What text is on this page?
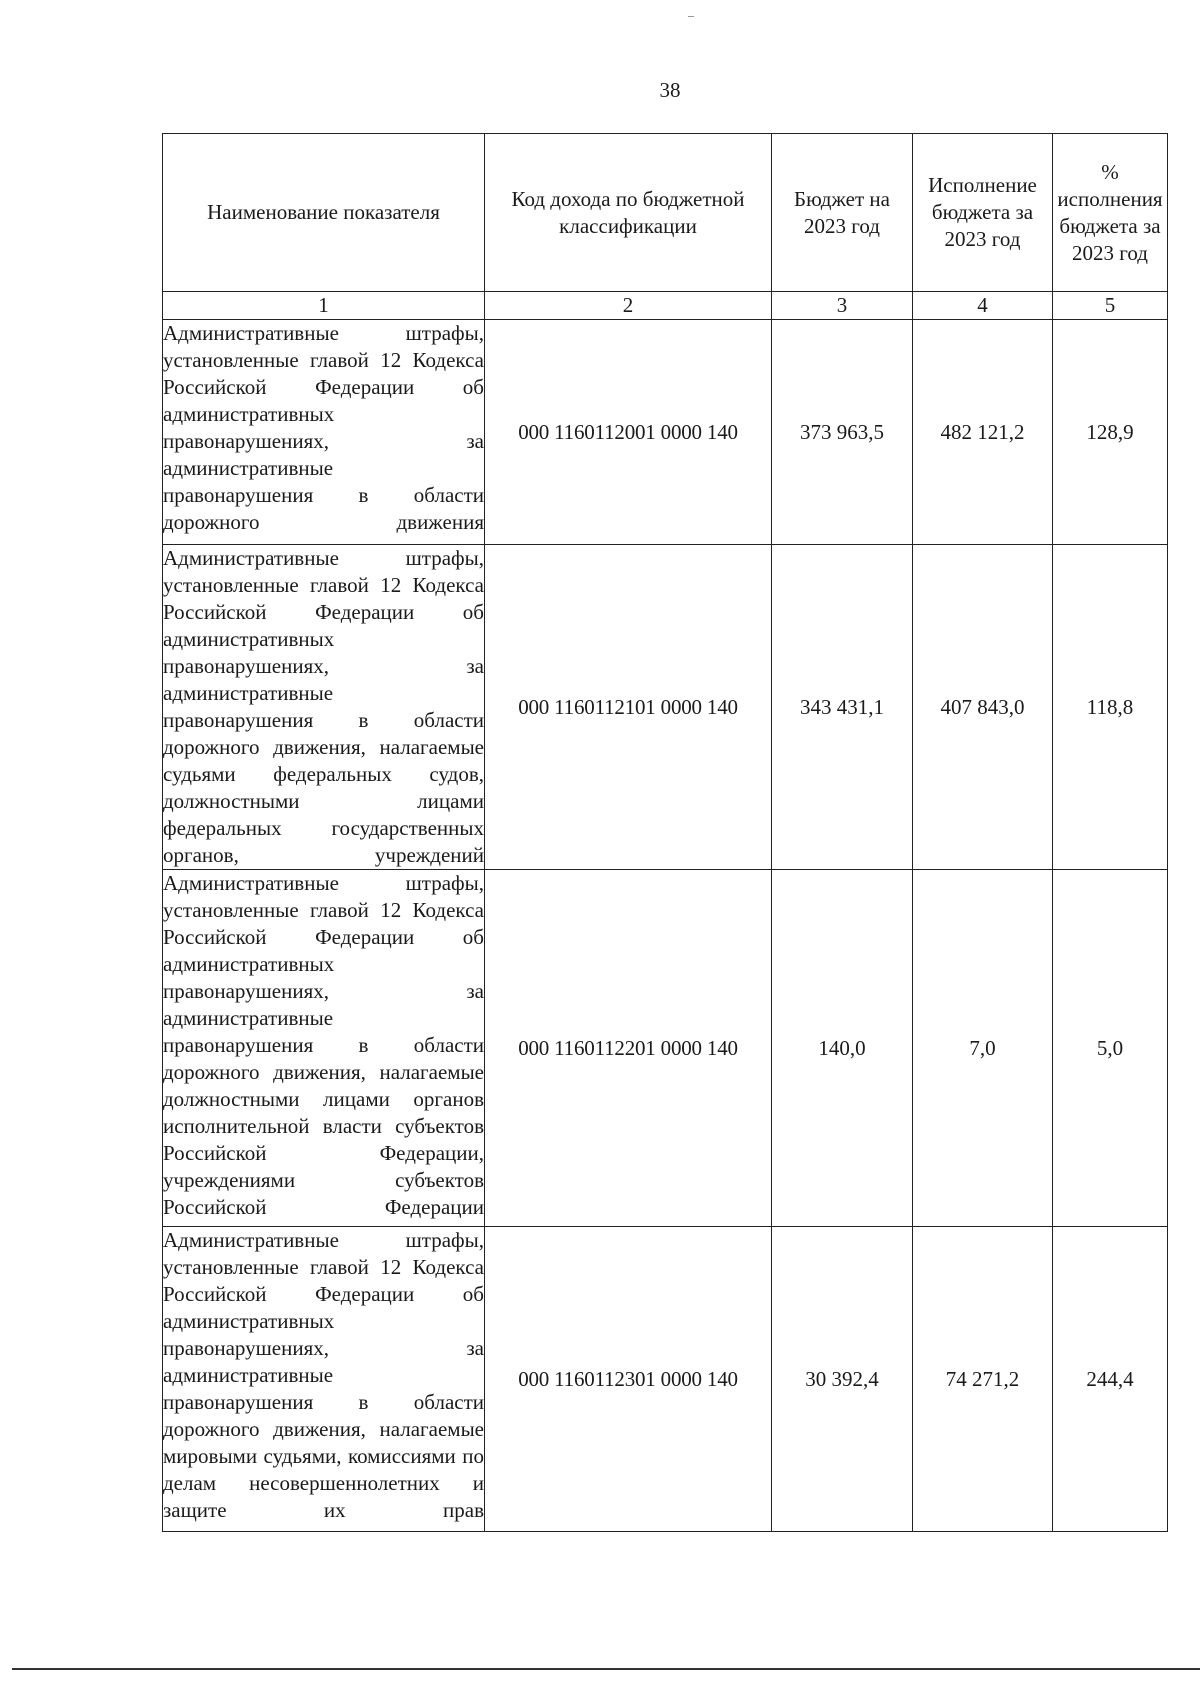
38
Наименование показателя	Код дохода по бюджетной классификации	Бюджет на 2023 год	Исполнение бюджета за 2023 год	% исполнения бюджета за 2023 год
1	2	3	4	5
Административные штрафы, установленные главой 12 Кодекса Российской Федерации об административных правонарушениях, за административные правонарушения в области дорожного движения	000 1160112001 0000 140	373 963,5	482 121,2	128,9
Административные штрафы, установленные главой 12 Кодекса Российской Федерации об административных правонарушениях, за административные правонарушения в области дорожного движения, налагаемые судьями федеральных судов, должностными лицами федеральных государственных органов, учреждений	000 1160112101 0000 140	343 431,1	407 843,0	118,8
Административные штрафы, установленные главой 12 Кодекса Российской Федерации об административных правонарушениях, за административные правонарушения в области дорожного движения, налагаемые должностными лицами органов исполнительной власти субъектов Российской Федерации, учреждениями субъектов Российской Федерации	000 1160112201 0000 140	140,0	7,0	5,0
Административные штрафы, установленные главой 12 Кодекса Российской Федерации об административных правонарушениях, за административные правонарушения в области дорожного движения, налагаемые мировыми судьями, комиссиями по делам несовершеннолетних и защите их прав	000 1160112301 0000 140	30 392,4	74 271,2	244,4
